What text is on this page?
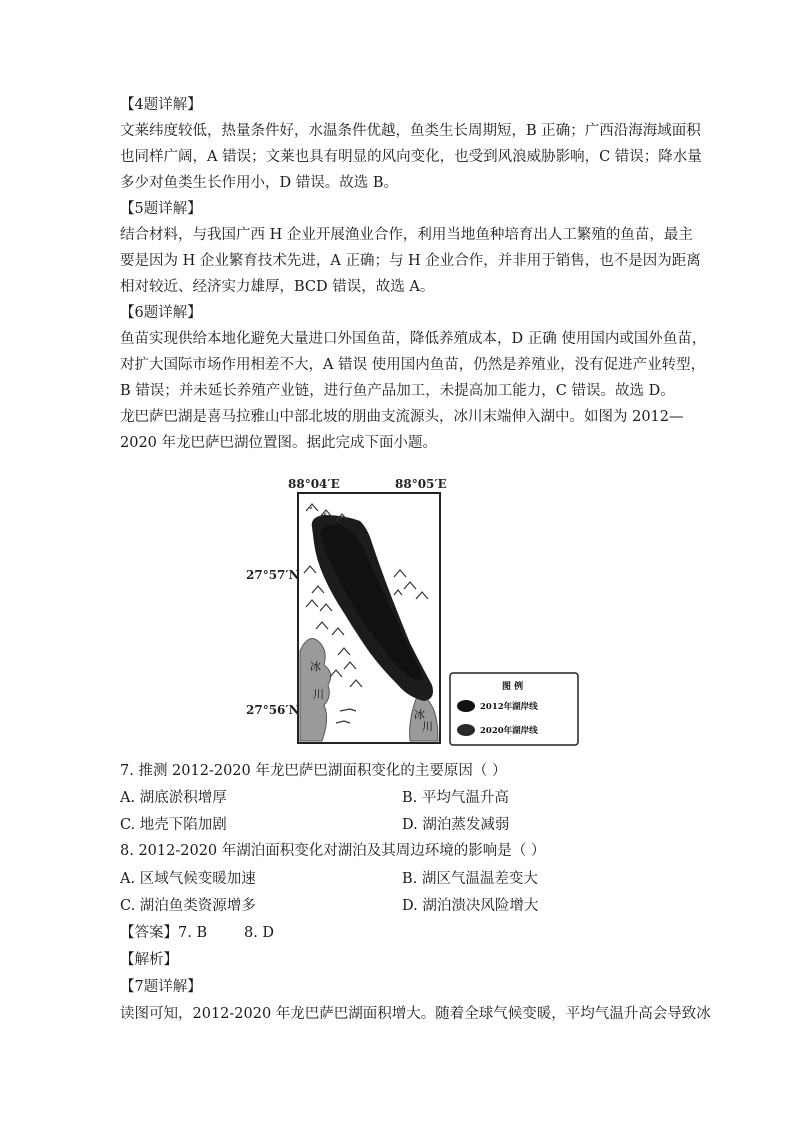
【4题详解】

文莱纬度较低，热量条件好，水温条件优越，鱼类生长周期短，B 正确；广西沿海海域面积

也同样广阔，A 错误；文莱也具有明显的风向变化，也受到风浪威胁影响，C 错误；降水量

多少对鱼类生长作用小，D 错误。故选 B。

【5题详解】

结合材料，与我国广西 H 企业开展渔业合作，利用当地鱼种培育出人工繁殖的鱼苗，最主

要是因为 H 企业繁育技术先进，A 正确；与 H 企业合作，并非用于销售，也不是因为距离

相对较近、经济实力雄厚，BCD 错误，故选 A。

【6题详解】

鱼苗实现供给本地化避免大量进口外国鱼苗，降低养殖成本，D 正确 使用国内或国外鱼苗，

对扩大国际市场作用相差不大，A 错误 使用国内鱼苗，仍然是养殖业，没有促进产业转型，

B 错误；并未延长养殖产业链，进行鱼产品加工，未提高加工能力，C 错误。故选 D。

龙巴萨巴湖是喜马拉雅山中部北坡的朋曲支流源头，冰川末端伸入湖中。如图为 2012—

2020 年龙巴萨巴湖位置图。据此完成下面小题。

88°04′E	88°05′E
27°57′N
27°56′N
冰
川
冰
川
图 例
2012年湖岸线
2020年湖岸线
7. 推测 2012-2020 年龙巴萨巴湖面积变化的主要原因（ ）
A. 湖底淤积增厚	B. 平均气温升高
C. 地壳下陷加剧	D. 湖泊蒸发减弱
8. 2012-2020 年湖泊面积变化对湖泊及其周边环境的影响是（ ）
A. 区域气候变暖加速	B. 湖区气温温差变大
C. 湖泊鱼类资源增多	D. 湖泊溃决风险增大
【答案】7. B        8. D
【解析】
【7题详解】
读图可知，2012-2020 年龙巴萨巴湖面积增大。随着全球气候变暖，平均气温升高会导致冰
